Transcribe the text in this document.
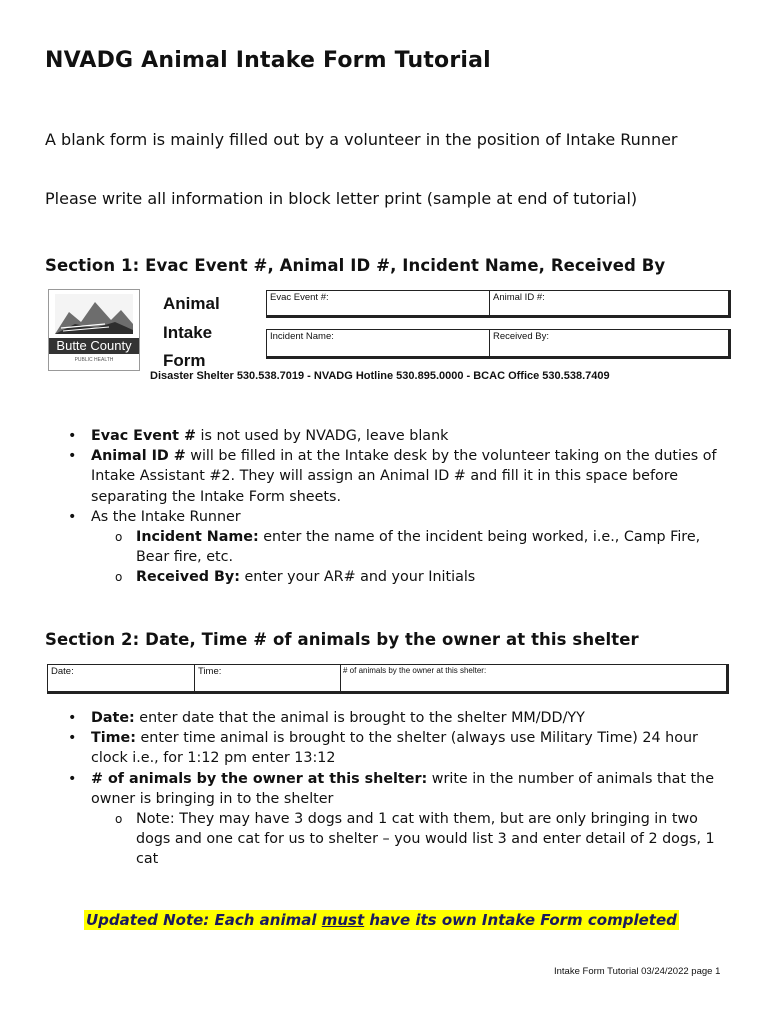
NVADG Animal Intake Form Tutorial

A blank form is mainly filled out by a volunteer in the position of Intake Runner

Please write all information in block letter print (sample at end of tutorial)

Section 1: Evac Event #, Animal ID #, Incident Name, Received By
Butte County
PUBLIC HEALTH
Animal
Intake
Form
Evac Event #:	Animal ID #:
Incident Name:	Received By:
Disaster Shelter 530.538.7019 - NVADG Hotline 530.895.0000 - BCAC Office 530.538.7409
• Evac Event # is not used by NVADG, leave blank
• Animal ID # will be filled in at the Intake desk by the volunteer taking on the duties of Intake Assistant #2. They will assign an Animal ID # and fill it in this space before separating the Intake Form sheets.
• As the Intake Runner
o Incident Name: enter the name of the incident being worked, i.e., Camp Fire, Bear fire, etc.
o Received By: enter your AR# and your Initials
Section 2: Date, Time # of animals by the owner at this shelter
Date:	Time:	# of animals by the owner at this shelter:
• Date: enter date that the animal is brought to the shelter MM/DD/YY
• Time: enter time animal is brought to the shelter (always use Military Time) 24 hour clock i.e., for 1:12 pm enter 13:12
• # of animals by the owner at this shelter: write in the number of animals that the owner is bringing in to the shelter
o Note: They may have 3 dogs and 1 cat with them, but are only bringing in two dogs and one cat for us to shelter – you would list 3 and enter detail of 2 dogs, 1 cat
Updated Note: Each animal must have its own Intake Form completed
Intake Form Tutorial 03/24/2022 page 1
